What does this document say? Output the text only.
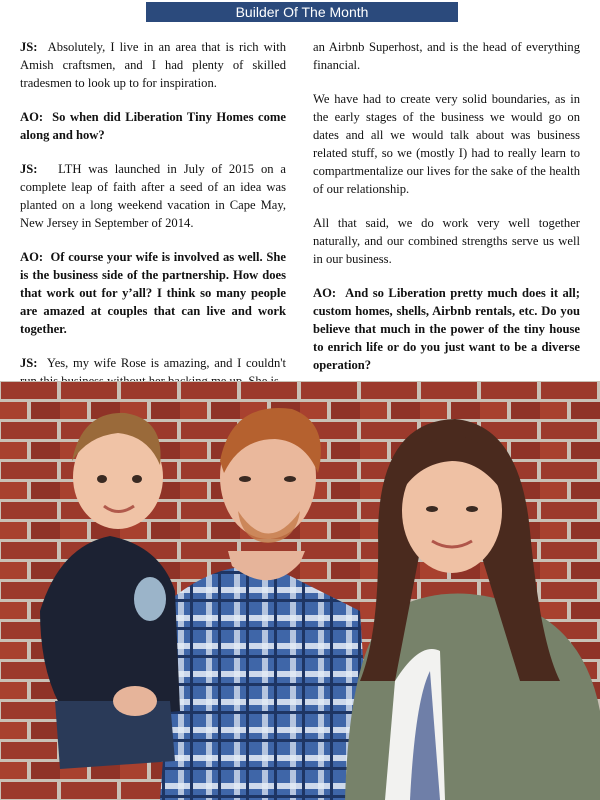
Builder Of The Month

JS: Absolutely, I live in an area that is rich with Amish craftsmen, and I had plenty of skilled tradesmen to look up to for inspiration.

AO: So when did Liberation Tiny Homes come along and how?

JS: LTH was launched in July of 2015 on a complete leap of faith after a seed of an idea was planted on a long weekend vacation in Cape May, New Jersey in September of 2014.

AO: Of course your wife is involved as well. She is the business side of the partnership. How does that work out for y’all? I think so many people are amazed at couples that can live and work together.

JS: Yes, my wife Rose is amazing, and I couldn't

an Airbnb Superhost, and is the head of everything financial.

We have had to create very solid boundaries, as in the early stages of the business we would go on dates and all we would talk about was business related stuff, so we (mostly I) had to really learn to compartmentalize our lives for the sake of the health of our relationship.

All that said, we do work very well together naturally, and our combined strengths serve us well in our business.

AO: And so Liberation pretty much does it all; custom homes, shells, Airbnb rentals, etc. Do you believe that much in the power of the tiny house to enrich life or do you just want to be a diverse operation?
